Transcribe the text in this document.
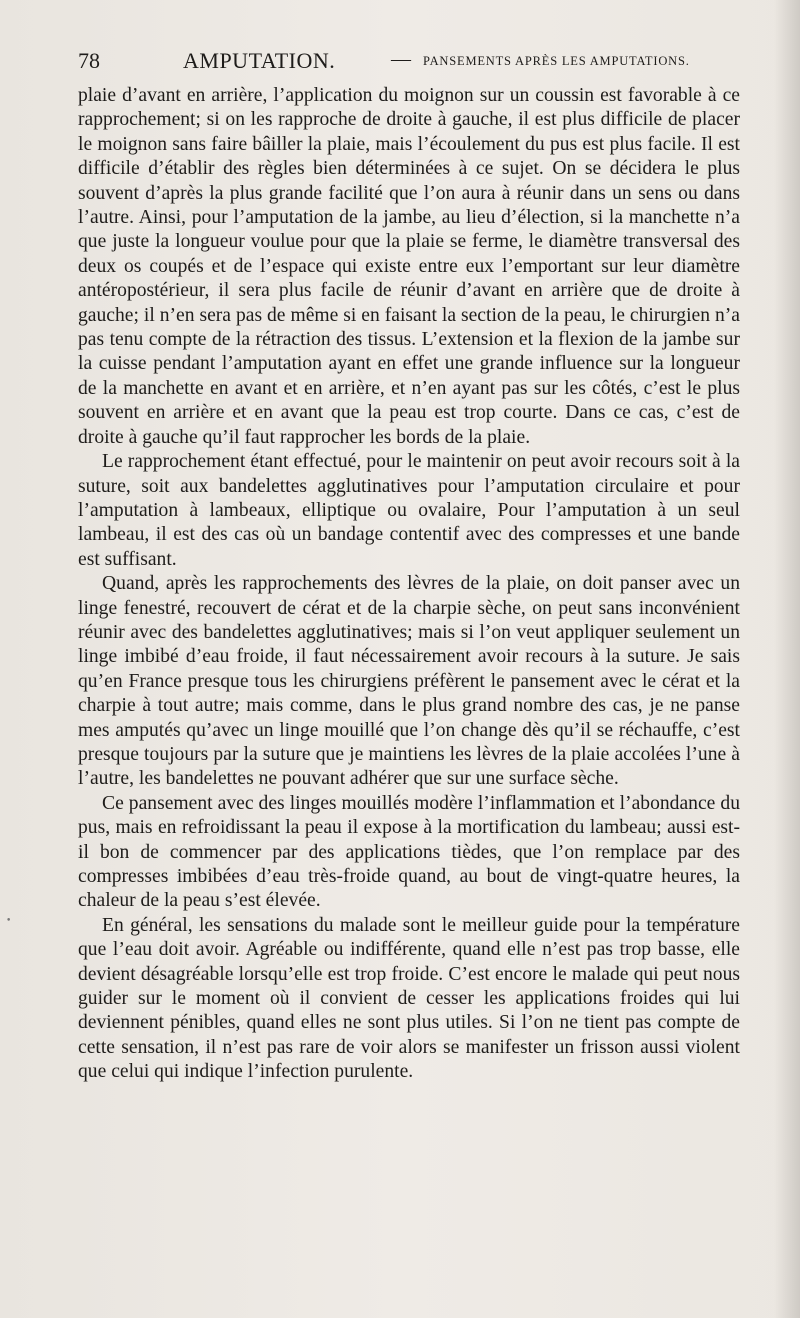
78	AMPUTATION.	— PANSEMENTS APRÈS LES AMPUTATIONS.

plaie d’avant en arrière, l’application du moignon sur un coussin est favorable à ce rapprochement; si on les rapproche de droite à gauche, il est plus difficile de placer le moignon sans faire bâiller la plaie, mais l’écoulement du pus est plus facile. Il est difficile d’établir des règles bien déterminées à ce sujet. On se décidera le plus souvent d’après la plus grande facilité que l’on aura à réunir dans un sens ou dans l’autre. Ainsi, pour l’amputation de la jambe, au lieu d’élection, si la manchette n’a que juste la longueur voulue pour que la plaie se ferme, le diamètre transversal des deux os coupés et de l’espace qui existe entre eux l’emportant sur leur diamètre antéropostérieur, il sera plus facile de réunir d’avant en arrière que de droite à gauche; il n’en sera pas de même si en faisant la section de la peau, le chirurgien n’a pas tenu compte de la rétraction des tissus. L’extension et la flexion de la jambe sur la cuisse pendant l’amputation ayant en effet une grande influence sur la longueur de la manchette en avant et en arrière, et n’en ayant pas sur les côtés, c’est le plus souvent en arrière et en avant que la peau est trop courte. Dans ce cas, c’est de droite à gauche qu’il faut rapprocher les bords de la plaie.

Le rapprochement étant effectué, pour le maintenir on peut avoir recours soit à la suture, soit aux bandelettes agglutinatives pour l’amputation circulaire et pour l’amputation à lambeaux, elliptique ou ovalaire, Pour l’amputation à un seul lambeau, il est des cas où un bandage contentif avec des compresses et une bande est suffisant.

Quand, après les rapprochements des lèvres de la plaie, on doit panser avec un linge fenestré, recouvert de cérat et de la charpie sèche, on peut sans inconvénient réunir avec des bandelettes agglutinatives; mais si l’on veut appliquer seulement un linge imbibé d’eau froide, il faut nécessairement avoir recours à la suture. Je sais qu’en France presque tous les chirurgiens préfèrent le pansement avec le cérat et la charpie à tout autre; mais comme, dans le plus grand nombre des cas, je ne panse mes amputés qu’avec un linge mouillé que l’on change dès qu’il se réchauffe, c’est presque toujours par la suture que je maintiens les lèvres de la plaie accolées l’une à l’autre, les bandelettes ne pouvant adhérer que sur une surface sèche.

Ce pansement avec des linges mouillés modère l’inflammation et l’abondance du pus, mais en refroidissant la peau il expose à la mortification du lambeau; aussi est-il bon de commencer par des applications tièdes, que l’on remplace par des compresses imbibées d’eau très-froide quand, au bout de vingt-quatre heures, la chaleur de la peau s’est élevée.

En général, les sensations du malade sont le meilleur guide pour la température que l’eau doit avoir. Agréable ou indifférente, quand elle n’est pas trop basse, elle devient désagréable lorsqu’elle est trop froide. C’est encore le malade qui peut nous guider sur le moment où il convient de cesser les applications froides qui lui deviennent pénibles, quand elles ne sont plus utiles. Si l’on ne tient pas compte de cette sensation, il n’est pas rare de voir alors se manifester un frisson aussi violent que celui qui indique l’infection purulente.

•
